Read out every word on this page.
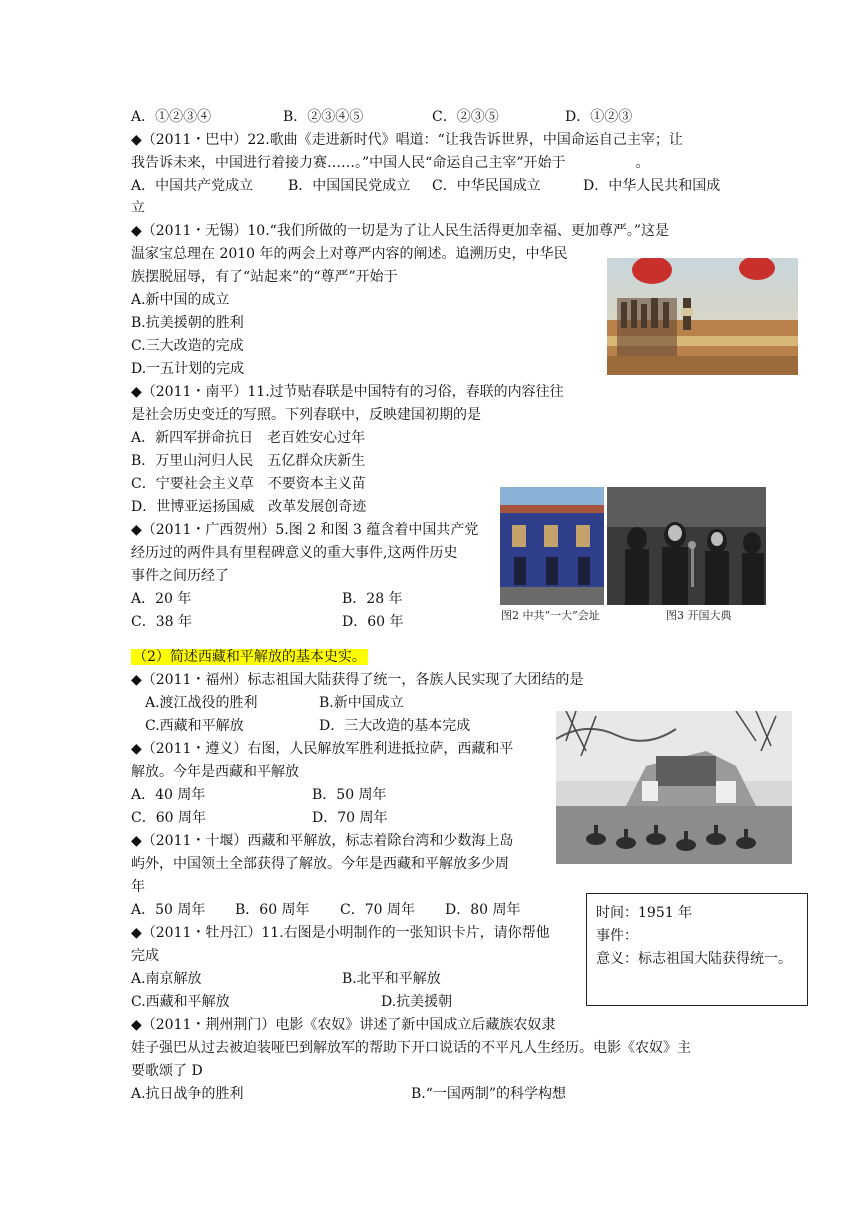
A．①②③④	B．②③④⑤	C．②③⑤	D．①②③
◆（2011・巴中）22.歌曲《走进新时代》唱道：“让我告诉世界，中国命运自己主宰；让
我告诉未来，中国进行着接力赛……。”中国人民“命运自己主宰”开始于　　　　　。
A．中国共产党成立 B．中国国民党成立 C．中华民国成立	D．中华人民共和国成
立
◆（2011・无锡）10.“我们所做的一切是为了让人民生活得更加幸福、更加尊严。”这是
温家宝总理在 2010 年的两会上对尊严内容的阐述。追溯历史，中华民
族摆脱屈辱，有了“站起来”的“尊严”开始于
A.新中国的成立
B.抗美援朝的胜利
C.三大改造的完成
D.一五计划的完成
◆（2011・南平）11.过节贴春联是中国特有的习俗，春联的内容往往
是社会历史变迁的写照。下列春联中，反映建国初期的是
A．新四军拼命抗日　老百姓安心过年
B．万里山河归人民　五亿群众庆新生
C．宁要社会主义草　不要资本主义苗
D．世博亚运扬国威　改革发展创奇迹
◆（2011・广西贺州）5.图 2 和图 3 蕴含着中国共产党
经历过的两件具有里程碑意义的重大事件,这两件历史
事件之间历经了
A．20 年	B．28 年
C．38 年	D．60 年	图2 中共“一大”会址	图3 开国大典
（2）简述西藏和平解放的基本史实。
◆（2011・福州）标志祖国大陆获得了统一，各族人民实现了大团结的是
A.渡江战役的胜利	B.新中国成立
C.西藏和平解放	D．三大改造的基本完成
◆（2011・遵义）右图，人民解放军胜利进抵拉萨，西藏和平
解放。今年是西藏和平解放
A．40 周年	B．50 周年
C．60 周年	D．70 周年
◆（2011・十堰）西藏和平解放，标志着除台湾和少数海上岛
屿外，中国领土全部获得了解放。今年是西藏和平解放多少周
年
A．50 周年 B．60 周年 C．70 周年 D．80 周年	时间：1951 年
事件：
意义：标志祖国大陆获得统一。
◆（2011・牡丹江）11.右图是小明制作的一张知识卡片，请你帮他
完成
A.南京解放	B.北平和平解放
C.西藏和平解放	D.抗美援朝
◆（2011・荆州荆门）电影《农奴》讲述了新中国成立后藏族农奴隶
娃子强巴从过去被迫装哑巴到解放军的帮助下开口说话的不平凡人生经历。电影《农奴》主
要歌颂了 D
A.抗日战争的胜利	B.“一国两制”的科学构想
